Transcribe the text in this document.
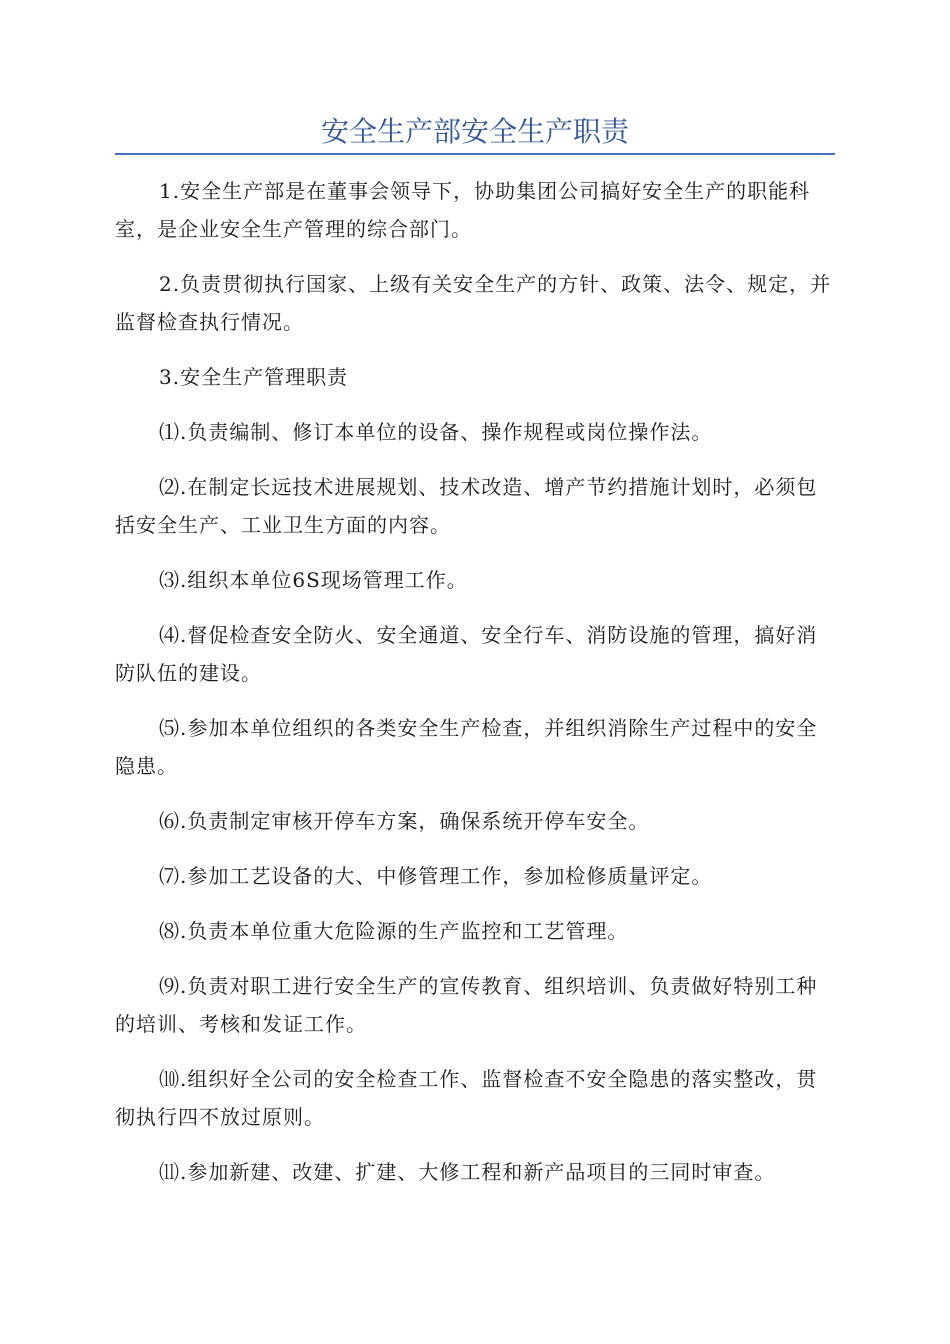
安全生产部安全生产职责

1.安全生产部是在董事会领导下，协助集团公司搞好安全生产的职能科室，是企业安全生产管理的综合部门。

2.负责贯彻执行国家、上级有关安全生产的方针、政策、法令、规定，并监督检查执行情况。

3.安全生产管理职责

⑴.负责编制、修订本单位的设备、操作规程或岗位操作法。

⑵.在制定长远技术进展规划、技术改造、增产节约措施计划时，必须包括安全生产、工业卫生方面的内容。

⑶.组织本单位6S现场管理工作。

⑷.督促检查安全防火、安全通道、安全行车、消防设施的管理，搞好消防队伍的建设。

⑸.参加本单位组织的各类安全生产检查，并组织消除生产过程中的安全隐患。

⑹.负责制定审核开停车方案，确保系统开停车安全。

⑺.参加工艺设备的大、中修管理工作，参加检修质量评定。

⑻.负责本单位重大危险源的生产监控和工艺管理。

⑼.负责对职工进行安全生产的宣传教育、组织培训、负责做好特别工种的培训、考核和发证工作。

⑽.组织好全公司的安全检查工作、监督检查不安全隐患的落实整改，贯彻执行四不放过原则。

⑾.参加新建、改建、扩建、大修工程和新产品项目的三同时审查。
